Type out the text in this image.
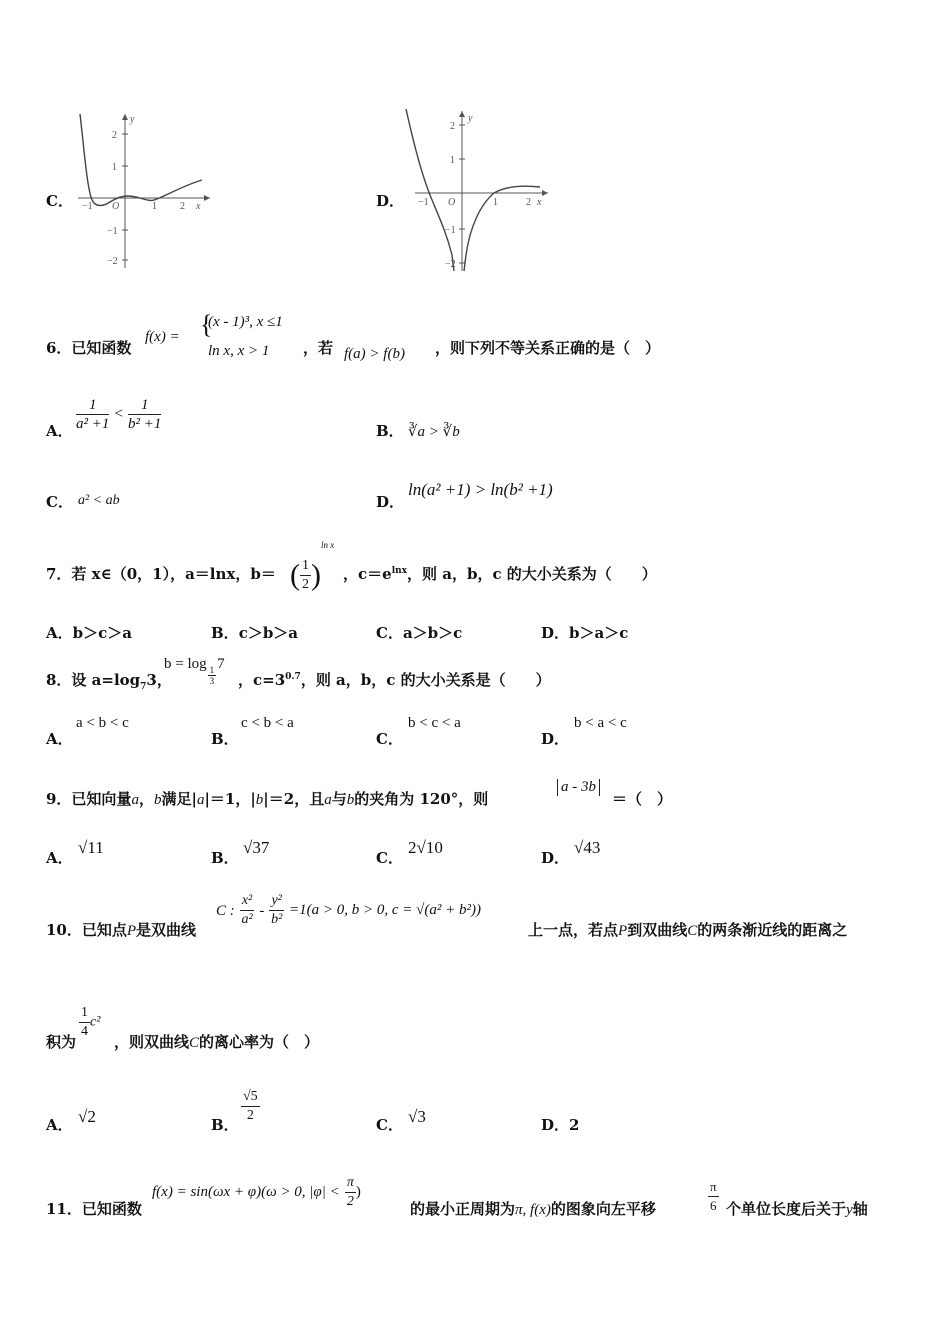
C．
2
1
−1
−2
1 2
−1 O	x
y
D．
2
1
−1
−2
1	2
−1 O	x
y
6．已知函数
f(x) = {
(x - 1)³, x ≤1
ln x, x > 1 ，若 f(a) > f(b) ，则下列不等关系正确的是（　）
A． $\frac{1}{\text{a² +1}} < \frac{1}{\text{b² +1}}$	B． ∛a > ∛b
C． a² < ab	D．
ln(a² +1) > ln(b² +1)
7．若 x∈（0，1），a＝lnx，b＝ ( $\frac{1}{2} )^{ln x}$
，$c=e^{lnx}$，则 a，b，c 的大小关系为（　　）
A．b＞c＞a	B．c＞b＞a	C．a＞b＞c	D．b＞a＞c
8．设 $a=\log_73$，
b = log
$\frac{1}{3}$
7
，$c=3^{0.7}$，则 a，b，c 的大小关系是（　　）
A．
a < b < c
B．
c < b < a
C．
b < c < a
D．
b < a < c
9．已知向量a，b满足|a|＝1，|b|＝2，且a与b的夹角为 120°，则
a - 3b
＝（　）
A．
√11
B．
√37
C．
2√10
D．
√43
10．已知点P是双曲线
C : $\frac{\text{x²}}{\text{a²}} - \frac{\text{y²}}{\text{b²}} =1(a > 0$, b > 0, c = √(a² + b²))
上一点，若点P到双曲线C的两条渐近线的距离之
积为
$\frac{1}{4} c^2$
，则双曲线C的离心率为（　）
A． √2	B． $\frac{√5}{2}$	C． √3	D．2
11．已知函数
f(x) = sin(ωx + φ)(ω > 0, $|\varphi| < \frac{\pi}{2}$ )
的最小正周期为π, f(x)的图象向左平移	$\frac{\pi}{6}$ 个单位长度后关于y轴
